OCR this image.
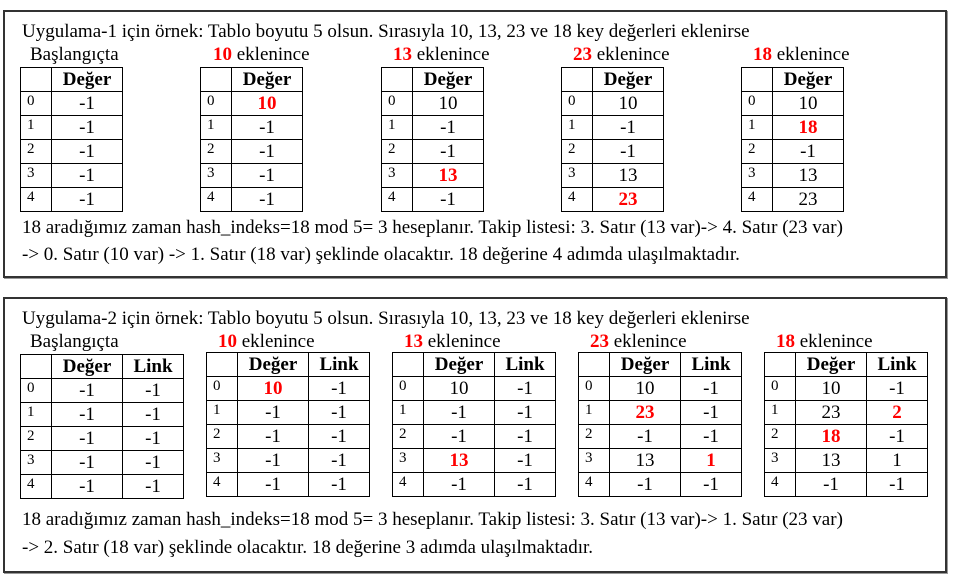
Uygulama-1 için örnek: Tablo boyutu 5 olsun. Sırasıyla 10, 13, 23 ve 18 key değerleri eklenirse
Başlangıçta	10 eklenince	13 eklenince	23 eklenince	18 eklenince
	Değer
0	-1
1	-1
2	-1
3	-1
4	-1
	Değer
0	10
1	-1
2	-1
3	-1
4	-1
	Değer
0	10
1	-1
2	-1
3	13
4	-1
	Değer
0	10
1	-1
2	-1
3	13
4	23
	Değer
0	10
1	18
2	-1
3	13
4	23
18 aradığımız zaman hash_indeks=18 mod 5= 3 heseplanır. Takip listesi: 3. Satır (13 var)-> 4. Satır (23 var)
-> 0. Satır (10 var) -> 1. Satır (18 var) şeklinde olacaktır. 18 değerine 4 adımda ulaşılmaktadır.
Uygulama-2 için örnek: Tablo boyutu 5 olsun. Sırasıyla 10, 13, 23 ve 18 key değerleri eklenirse
Başlangıçta	10 eklenince	13 eklenince	23 eklenince	18 eklenince
	Değer	Link
0	-1	-1
1	-1	-1
2	-1	-1
3	-1	-1
4	-1	-1
	Değer	Link
0	10	-1
1	-1	-1
2	-1	-1
3	-1	-1
4	-1	-1
	Değer	Link
0	10	-1
1	-1	-1
2	-1	-1
3	13	-1
4	-1	-1
	Değer	Link
0	10	-1
1	23	-1
2	-1	-1
3	13	1
4	-1	-1
	Değer	Link
0	10	-1
1	23	2
2	18	-1
3	13	1
4	-1	-1
18 aradığımız zaman hash_indeks=18 mod 5= 3 heseplanır. Takip listesi: 3. Satır (13 var)-> 1. Satır (23 var)
-> 2. Satır (18 var) şeklinde olacaktır. 18 değerine 3 adımda ulaşılmaktadır.
